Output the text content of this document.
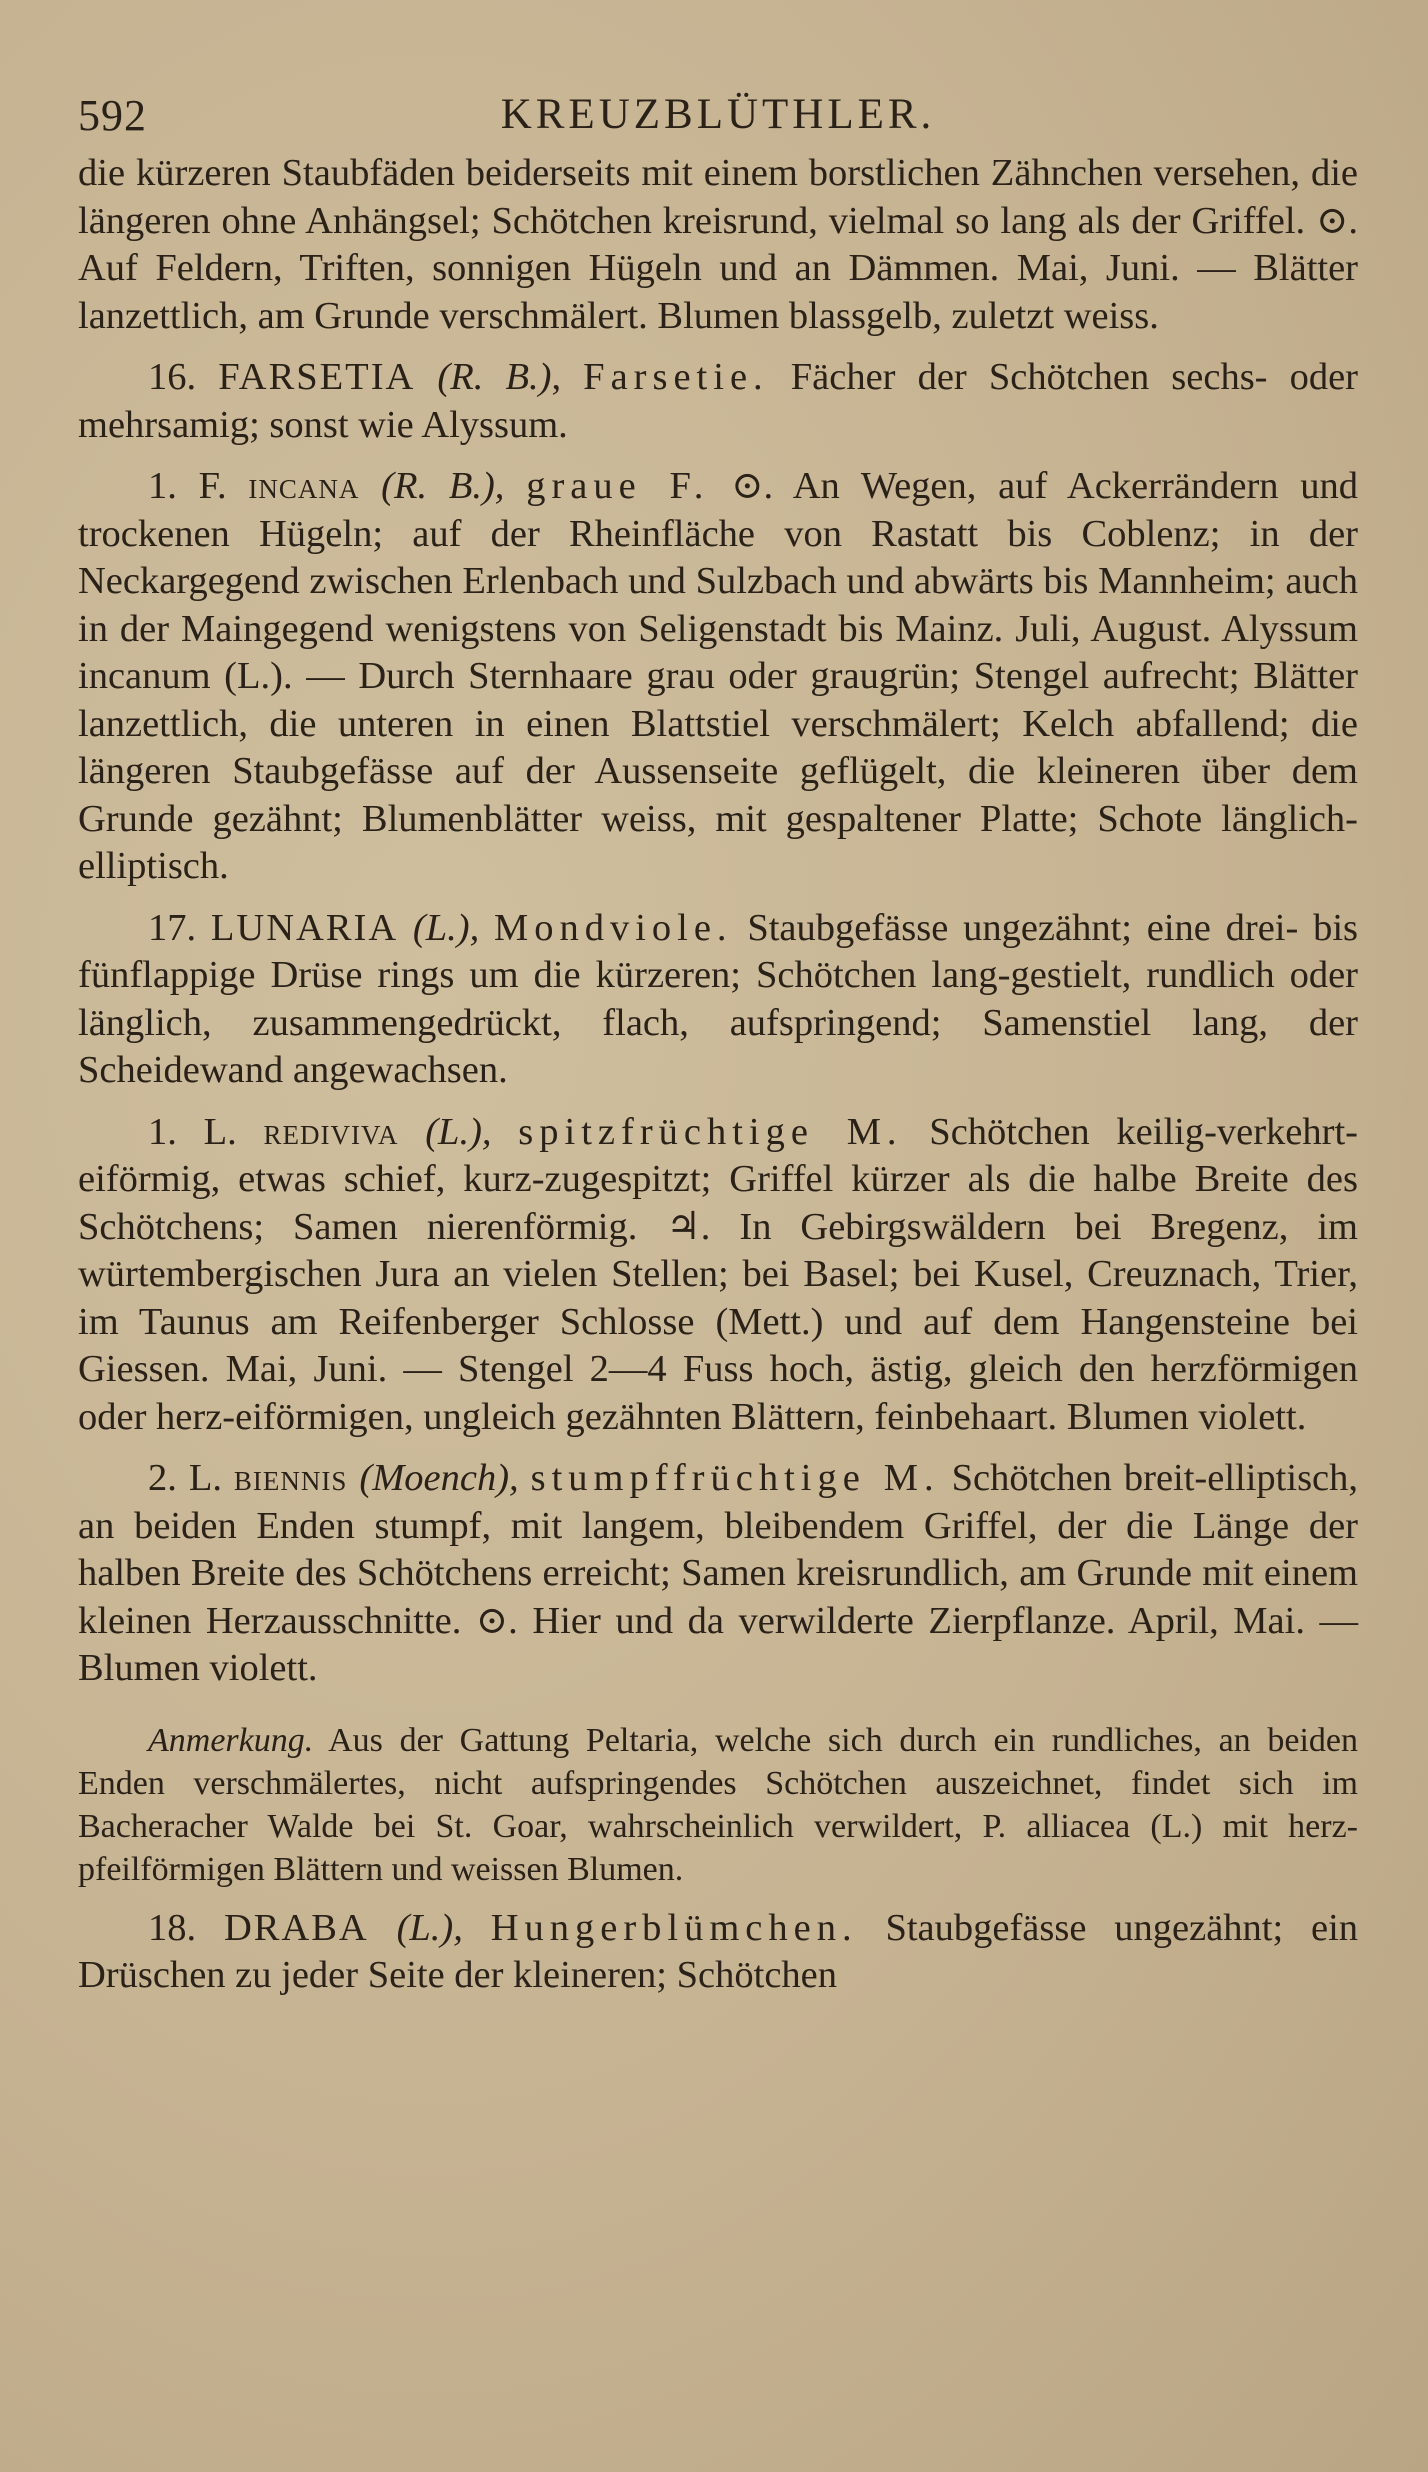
592	KREUZBLÜTHLER.

die kürzeren Staubfäden beiderseits mit einem borstlichen Zähnchen versehen, die längeren ohne Anhängsel; Schötchen kreisrund, vielmal so lang als der Griffel. ⊙. Auf Feldern, Triften, sonnigen Hügeln und an Dämmen. Mai, Juni. — Blätter lanzettlich, am Grunde verschmälert. Blumen blassgelb, zuletzt weiss.

16. FARSETIA (R. B.), Farsetie. Fächer der Schötchen sechs- oder mehrsamig; sonst wie Alyssum.

1. F. incana (R. B.), graue F. ⊙. An Wegen, auf Ackerrändern und trockenen Hügeln; auf der Rheinfläche von Rastatt bis Coblenz; in der Neckargegend zwischen Erlenbach und Sulzbach und abwärts bis Mannheim; auch in der Maingegend wenigstens von Seligenstadt bis Mainz. Juli, August. Alyssum incanum (L.). — Durch Sternhaare grau oder graugrün; Stengel aufrecht; Blätter lanzettlich, die unteren in einen Blattstiel verschmälert; Kelch abfallend; die längeren Staubgefässe auf der Aussenseite geflügelt, die kleineren über dem Grunde gezähnt; Blumenblätter weiss, mit gespaltener Platte; Schote länglich-elliptisch.

17. LUNARIA (L.), Mondviole. Staubgefässe ungezähnt; eine drei- bis fünflappige Drüse rings um die kürzeren; Schötchen lang-gestielt, rundlich oder länglich, zusammengedrückt, flach, aufspringend; Samenstiel lang, der Scheidewand angewachsen.

1. L. rediviva (L.), spitzfrüchtige M. Schötchen keilig-verkehrt-eiförmig, etwas schief, kurz-zugespitzt; Griffel kürzer als die halbe Breite des Schötchens; Samen nierenförmig. ♃. In Gebirgswäldern bei Bregenz, im würtembergischen Jura an vielen Stellen; bei Basel; bei Kusel, Creuznach, Trier, im Taunus am Reifenberger Schlosse (Mett.) und auf dem Hangensteine bei Giessen. Mai, Juni. — Stengel 2—4 Fuss hoch, ästig, gleich den herzförmigen oder herz-eiförmigen, ungleich gezähnten Blättern, feinbehaart. Blumen violett.

2. L. biennis (Moench), stumpffrüchtige M. Schötchen breit-elliptisch, an beiden Enden stumpf, mit langem, bleibendem Griffel, der die Länge der halben Breite des Schötchens erreicht; Samen kreisrundlich, am Grunde mit einem kleinen Herzausschnitte. ⊙. Hier und da verwilderte Zierpflanze. April, Mai. — Blumen violett.

Anmerkung. Aus der Gattung Peltaria, welche sich durch ein rundliches, an beiden Enden verschmälertes, nicht aufspringendes Schötchen auszeichnet, findet sich im Bacheracher Walde bei St. Goar, wahrscheinlich verwildert, P. alliacea (L.) mit herz-pfeilförmigen Blättern und weissen Blumen.

18. DRABA (L.), Hungerblümchen. Staubgefässe ungezähnt; ein Drüschen zu jeder Seite der kleineren; Schötchen
